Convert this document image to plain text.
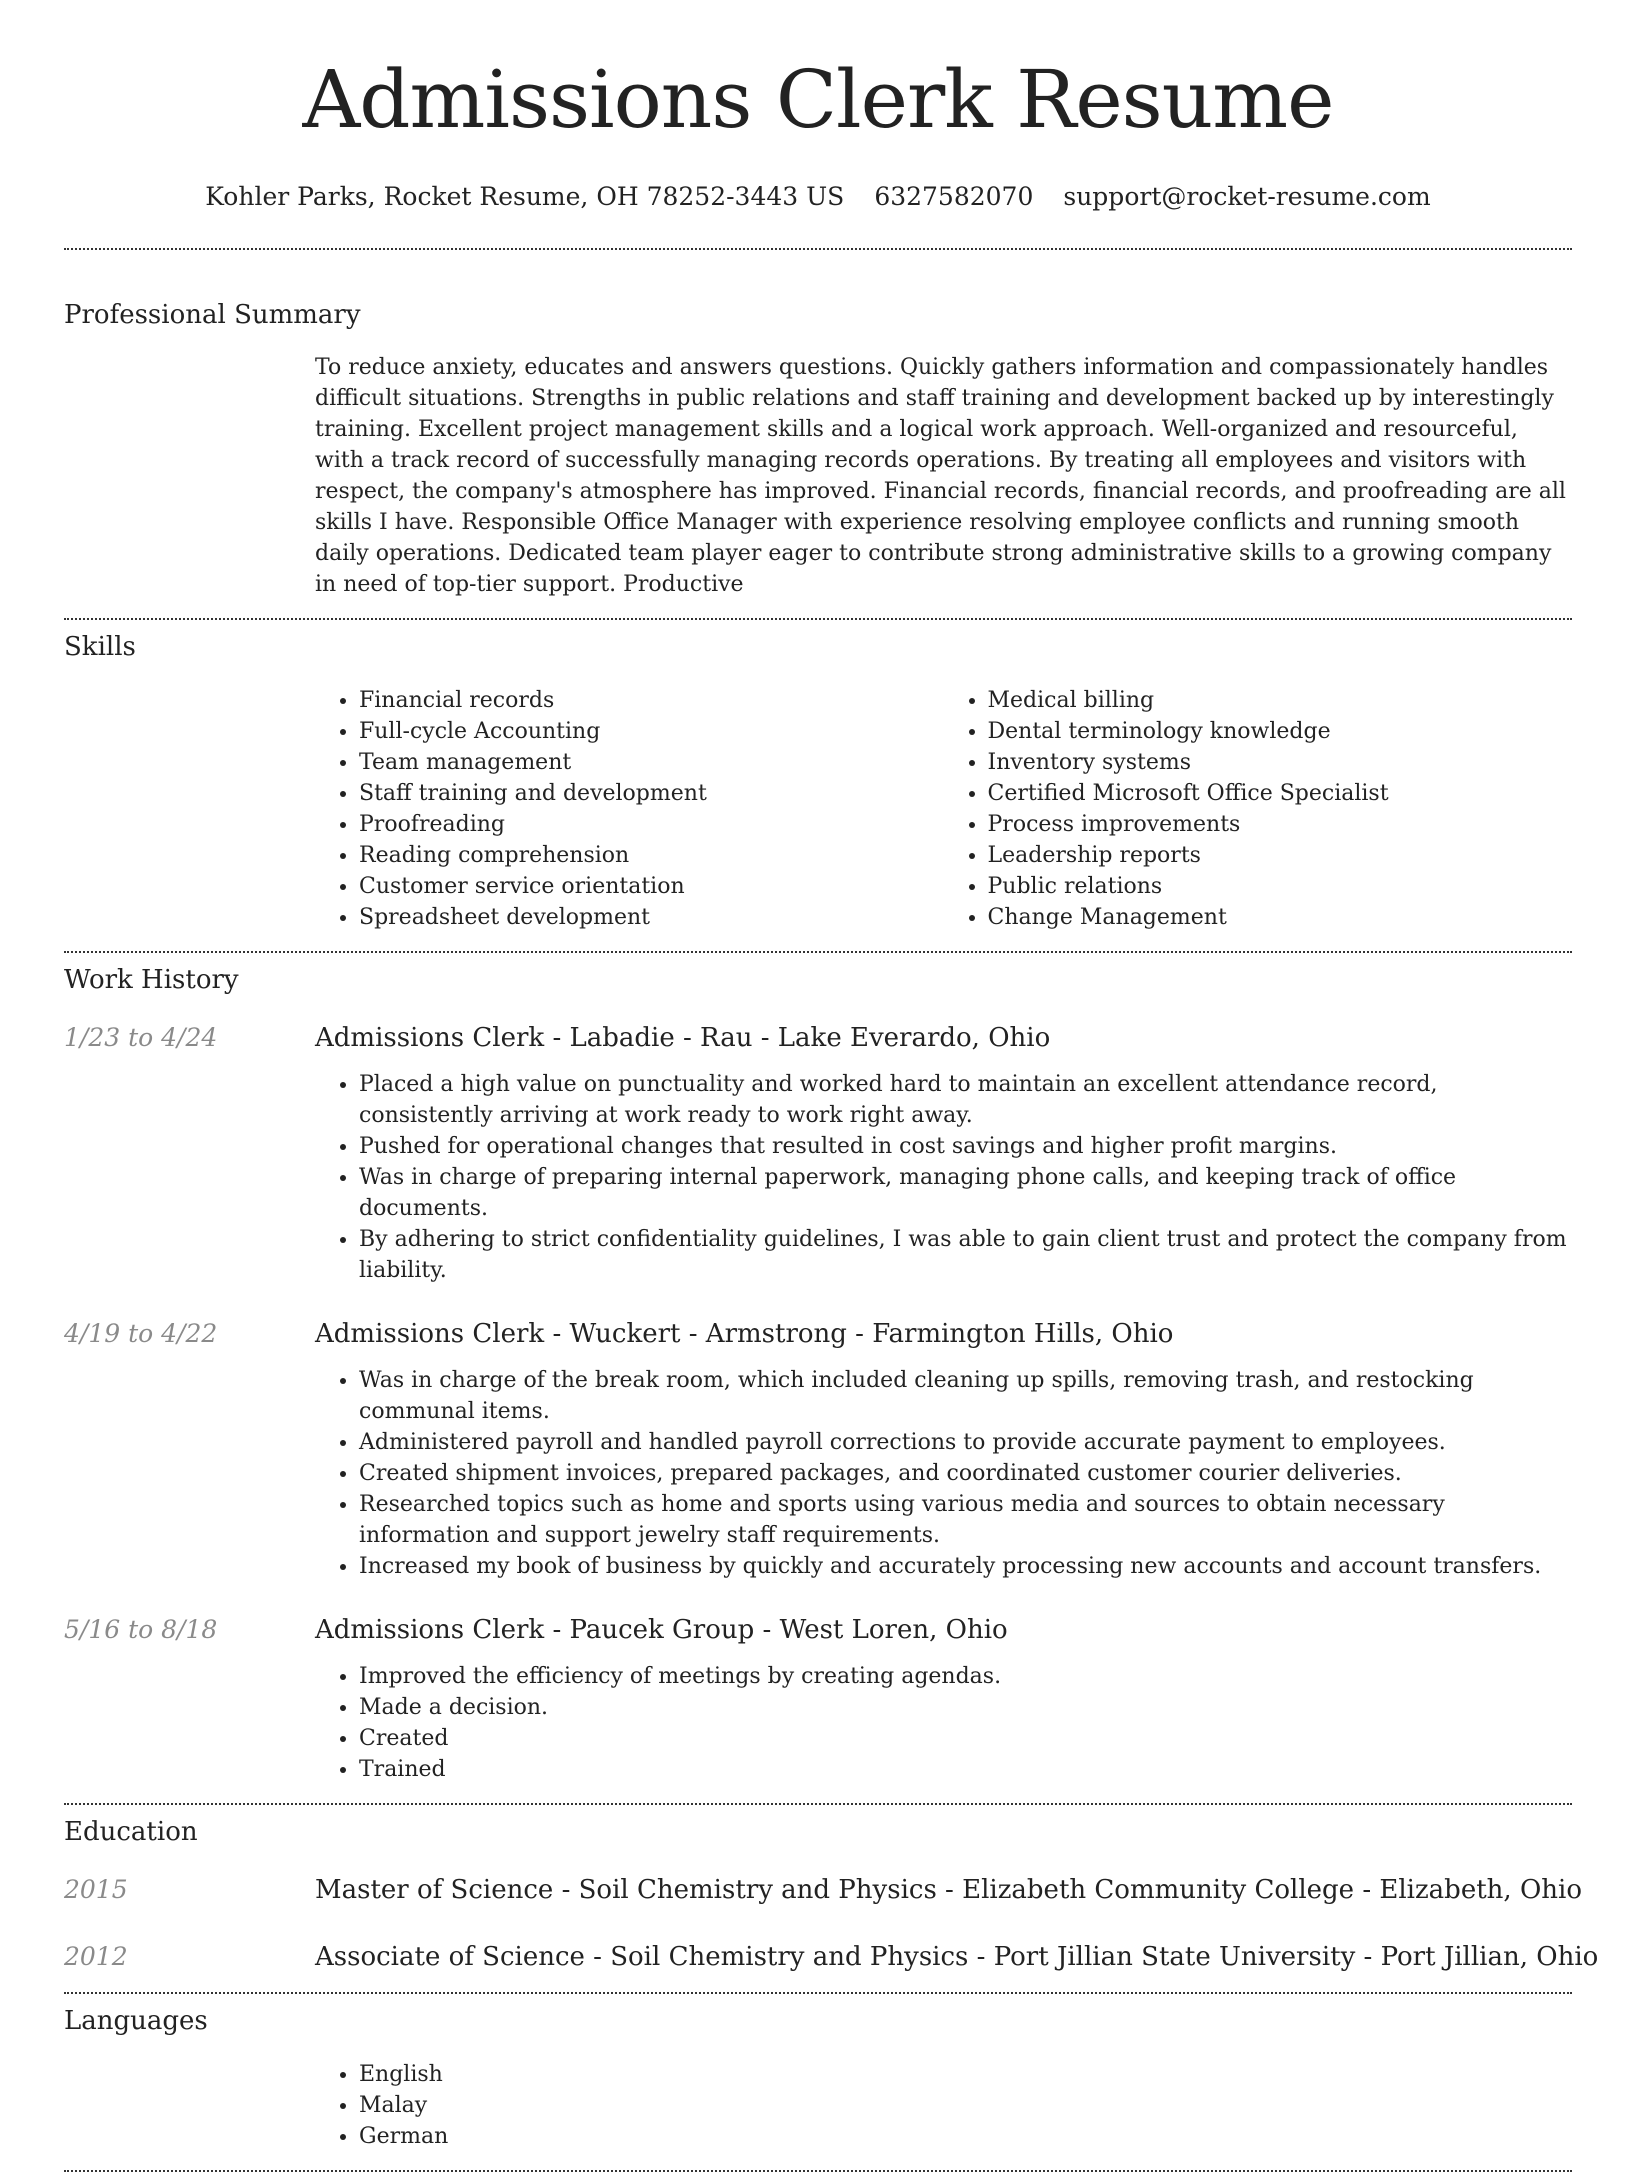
Admissions Clerk Resume
Kohler Parks, Rocket Resume, OH 78252-3443 US 6327582070 support@rocket-resume.com
Professional Summary

To reduce anxiety, educates and answers questions. Quickly gathers information and compassionately handles difficult situations. Strengths in public relations and staff training and development backed up by interestingly training. Excellent project management skills and a logical work approach. Well-organized and resourceful, with a track record of successfully managing records operations. By treating all employees and visitors with respect, the company's atmosphere has improved. Financial records, financial records, and proofreading are all skills I have. Responsible Office Manager with experience resolving employee conflicts and running smooth daily operations. Dedicated team player eager to contribute strong administrative skills to a growing company in need of top-tier support. Productive

Skills
• Financial records
• Full-cycle Accounting
• Team management
• Staff training and development
• Proofreading
• Reading comprehension
• Customer service orientation
• Spreadsheet development
• Medical billing
• Dental terminology knowledge
• Inventory systems
• Certified Microsoft Office Specialist
• Process improvements
• Leadership reports
• Public relations
• Change Management
Work History
1/23 to 4/24	Admissions Clerk - Labadie - Rau - Lake Everardo, Ohio
• Placed a high value on punctuality and worked hard to maintain an excellent attendance record, consistently arriving at work ready to work right away.
• Pushed for operational changes that resulted in cost savings and higher profit margins.
• Was in charge of preparing internal paperwork, managing phone calls, and keeping track of office documents.
• By adhering to strict confidentiality guidelines, I was able to gain client trust and protect the company from liability.
4/19 to 4/22	Admissions Clerk - Wuckert - Armstrong - Farmington Hills, Ohio
• Was in charge of the break room, which included cleaning up spills, removing trash, and restocking communal items.
• Administered payroll and handled payroll corrections to provide accurate payment to employees.
• Created shipment invoices, prepared packages, and coordinated customer courier deliveries.
• Researched topics such as home and sports using various media and sources to obtain necessary information and support jewelry staff requirements.
• Increased my book of business by quickly and accurately processing new accounts and account transfers.
5/16 to 8/18	Admissions Clerk - Paucek Group - West Loren, Ohio
• Improved the efficiency of meetings by creating agendas.
• Made a decision.
• Created
• Trained
Education
2015	Master of Science - Soil Chemistry and Physics - Elizabeth Community College - Elizabeth, Ohio
2012	Associate of Science - Soil Chemistry and Physics - Port Jillian State University - Port Jillian, Ohio
Languages
• English
• Malay
• German
